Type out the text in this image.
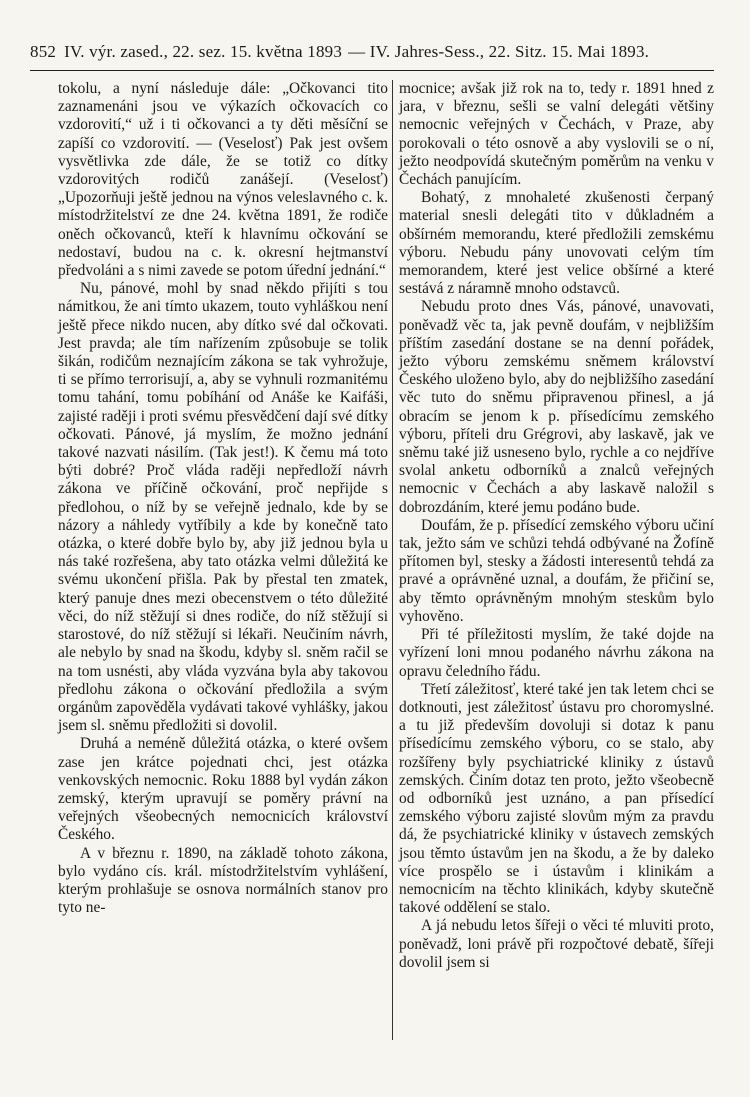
852 IV. výr. zased., 22. sez. 15. května 1893 — IV. Jahres-Sess., 22. Sitz. 15. Mai 1893.

tokolu, a nyní následuje dále: „Očkovanci tito zaznamenáni jsou ve výkazích očkovacích co vzdorovití,“ už i ti očkovanci a ty děti měsíční se zapíší co vzdorovití. — (Veselosť) Pak jest ovšem vysvětlivka zde dále, že se totiž co dítky vzdorovitých rodičů zanášejí. (Veselosť) „Upozorňuji ještě jednou na výnos veleslavného c. k. místodržitelství ze dne 24. května 1891, že rodiče oněch očkovanců, kteří k hlavnímu očkování se nedostaví, budou na c. k. okresní hejtmanství předvoláni a s nimi zavede se potom úřední jednání.“

Nu, pánové, mohl by snad někdo přijíti s tou námitkou, že ani tímto ukazem, touto vyhláškou není ještě přece nikdo nucen, aby dítko své dal očkovati. Jest pravda; ale tím nařízením způsobuje se tolik šikán, rodičům neznajícím zákona se tak vyhrožuje, ti se přímo terrorisují, a, aby se vyhnuli rozmanitému tomu tahání, tomu pobíhání od Anáše ke Kaifáši, zajisté raději i proti svému přesvědčení dají své dítky očkovati. Pánové, já myslím, že možno jednání takové nazvati násilím. (Tak jest!). K čemu má toto býti dobré? Proč vláda raději nepředloží návrh zákona ve příčině očkování, proč nepřijde s předlohou, o níž by se veřejně jednalo, kde by se názory a náhledy vytříbily a kde by konečně tato otázka, o které dobře bylo by, aby již jednou byla u nás také rozřešena, aby tato otázka velmi důležitá ke svému ukončení přišla. Pak by přestal ten zmatek, který panuje dnes mezi obecenstvem o této důležité věci, do níž stěžují si dnes rodiče, do níž stěžují si starostové, do níž stěžují si lékaři. Neučiním návrh, ale nebylo by snad na škodu, kdyby sl. sněm račil se na tom usnésti, aby vláda vyzvána byla aby takovou předlohu zákona o očkování předložila a svým orgánům zapověděla vydávati takové vyhlášky, jakou jsem sl. sněmu předložiti si dovolil.

Druhá a neméně důležitá otázka, o které ovšem zase jen krátce pojednati chci, jest otázka venkovských nemocnic. Roku 1888 byl vydán zákon zemský, kterým upravují se poměry právní na veřejných všeobecných nemocnicích království Českého.

A v březnu r. 1890, na základě tohoto zákona, bylo vydáno cís. král. místodržitelstvím vyhlášení, kterým prohlašuje se osnova normálních stanov pro tyto ne-

mocnice; avšak již rok na to, tedy r. 1891 hned z jara, v březnu, sešli se valní delegáti většiny nemocnic veřejných v Čechách, v Praze, aby porokovali o této osnově a aby vyslovili se o ní, ježto neodpovídá skutečným poměrům na venku v Čechách panujícím.

Bohatý, z mnohaleté zkušenosti čerpaný material snesli delegáti tito v důkladném a obšírném memorandu, které předložili zemskému výboru. Nebudu pány unovovati celým tím memorandem, které jest velice obšírné a které sestává z náramně mnoho odstavců.

Nebudu proto dnes Vás, pánové, unavovati, poněvadž věc ta, jak pevně doufám, v nejbližším příštím zasedání dostane se na denní pořádek, ježto výboru zemskému sněmem království Českého uloženo bylo, aby do nejbližšího zasedání věc tuto do sněmu připravenou přinesl, a já obracím se jenom k p. přísedícímu zemského výboru, příteli dru Grégrovi, aby laskavě, jak ve sněmu také již usneseno bylo, rychle a co nejdříve svolal anketu odborníků a znalců veřejných nemocnic v Čechách a aby laskavě naložil s dobrozdáním, které jemu podáno bude.

Doufám, že p. přísedící zemského výboru učiní tak, ježto sám ve schůzi tehdá odbývané na Žofíně přítomen byl, stesky a žádosti interesentů tehdá za pravé a oprávněné uznal, a doufám, že přičiní se, aby těmto oprávněným mnohým steskům bylo vyhověno.

Při té příležitosti myslím, že také dojde na vyřízení loni mnou podaného návrhu zákona na opravu čeledního řádu.

Třetí záležitosť, které také jen tak letem chci se dotknouti, jest záležitosť ústavu pro choromyslné. a tu již především dovoluji si dotaz k panu přísedícímu zemského výboru, co se stalo, aby rozšířeny byly psychiatrické kliniky z ústavů zemských. Činím dotaz ten proto, ježto všeobecně od odborníků jest uznáno, a pan přísedící zemského výboru zajisté slovům mým za pravdu dá, že psychiatrické kliniky v ústavech zemských jsou těmto ústavům jen na škodu, a že by daleko více prospělo se i ústavům i klinikám a nemocnicím na těchto klinikách, kdyby skutečně takové oddělení se stalo.

A já nebudu letos šířeji o věci té mluviti proto, poněvadž, loni právě při rozpočtové debatě, šířeji dovolil jsem si
